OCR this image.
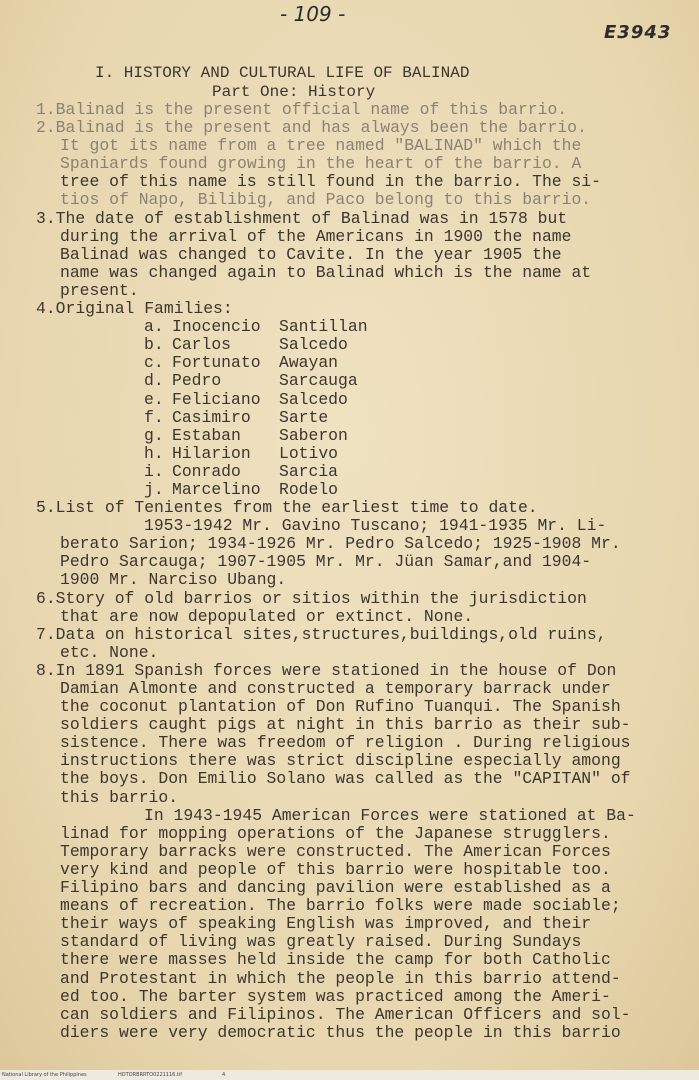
- 109 -
E3943
I. HISTORY AND CULTURAL LIFE OF BALINAD
Part One: History
1.Balinad is the present official name of this barrio.
2.Balinad is the present and has always been the barrio.
It got its name from a tree named "BALINAD" which the
Spaniards found growing in the heart of the barrio. A
tree of this name is still found in the barrio. The si-
tios of Napo, Bilibig, and Paco belong to this barrio.
3.The date of establishment of Balinad was in 1578 but
during the arrival of the Americans in 1900 the name
Balinad was changed to Cavite. In the year 1905 the
name was changed again to Balinad which is the name at
present.
4.Original Families:
a. Inocencio Santillan
b. Carlos	Salcedo
c. Fortunato Awayan
d. Pedro	Sarcauga
e. Feliciano Salcedo
f. Casimiro Sarte
g. Estaban Saberon
h. Hilarion Lotivo
i. Conrado Sarcia
j. Marcelino Rodelo
5.List of Tenientes from the earliest time to date.
1953-1942 Mr. Gavino Tuscano; 1941-1935 Mr. Li-
berato Sarion; 1934-1926 Mr. Pedro Salcedo; 1925-1908 Mr.
Pedro Sarcauga; 1907-1905 Mr. Mr. Jüan Samar,and 1904-
1900 Mr. Narciso Ubang.
6.Story of old barrios or sitios within the jurisdiction
that are now depopulated or extinct. None.
7.Data on historical sites,structures,buildings,old ruins,
etc. None.
8.In 1891 Spanish forces were stationed in the house of Don
Damian Almonte and constructed a temporary barrack under
the coconut plantation of Don Rufino Tuanqui. The Spanish
soldiers caught pigs at night in this barrio as their sub-
sistence. There was freedom of religion . During religious
instructions there was strict discipline especially among
the boys. Don Emilio Solano was called as the "CAPITAN" of
this barrio.
In 1943-1945 American Forces were stationed at Ba-
linad for mopping operations of the Japanese strugglers.
Temporary barracks were constructed. The American Forces
very kind and people of this barrio were hospitable too.
Filipino bars and dancing pavilion were established as a
means of recreation. The barrio folks were made sociable;
their ways of speaking English was improved, and their
standard of living was greatly raised. During Sundays
there were masses held inside the camp for both Catholic
and Protestant in which the people in this barrio attend-
ed too. The barter system was practiced among the Ameri-
can soldiers and Filipinos. The American Officers and sol-
diers were very democratic thus the people in this barrio
National Library of the Philippines	HDTORBRRTO0221116.tif	4
